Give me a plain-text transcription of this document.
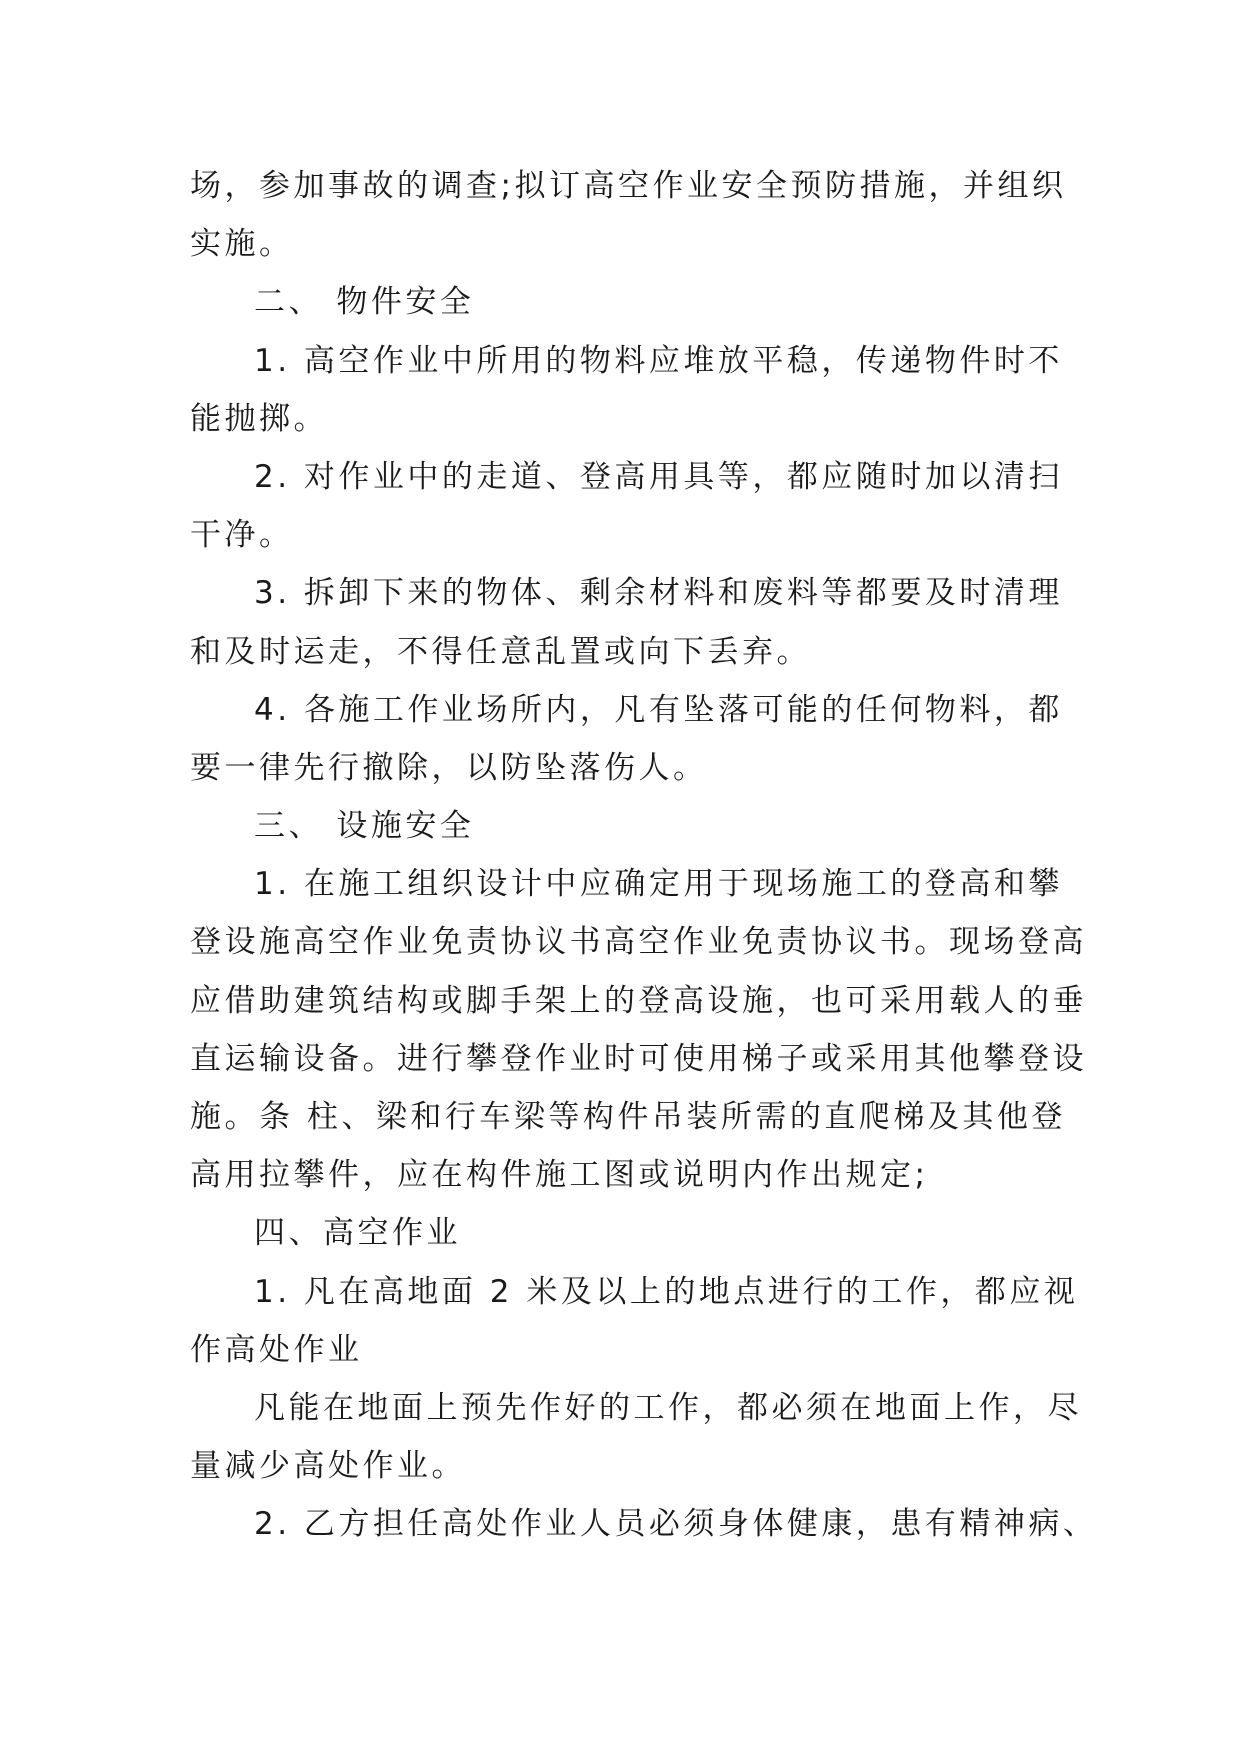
场，参加事故的调查;拟订高空作业安全预防措施，并组织
实施。
二、 物件安全
1. 高空作业中所用的物料应堆放平稳，传递物件时不
能抛掷。
2. 对作业中的走道、登高用具等，都应随时加以清扫
干净。
3. 拆卸下来的物体、剩余材料和废料等都要及时清理
和及时运走，不得任意乱置或向下丢弃。
4. 各施工作业场所内，凡有坠落可能的任何物料，都
要一律先行撤除，以防坠落伤人。
三、 设施安全
1. 在施工组织设计中应确定用于现场施工的登高和攀
登设施高空作业免责协议书高空作业免责协议书。现场登高
应借助建筑结构或脚手架上的登高设施，也可采用载人的垂
直运输设备。进行攀登作业时可使用梯子或采用其他攀登设
施。条 柱、梁和行车梁等构件吊装所需的直爬梯及其他登
高用拉攀件，应在构件施工图或说明内作出规定;
四、高空作业
1. 凡在高地面 2 米及以上的地点进行的工作，都应视
作高处作业
凡能在地面上预先作好的工作，都必须在地面上作，尽
量减少高处作业。
2. 乙方担任高处作业人员必须身体健康，患有精神病、
